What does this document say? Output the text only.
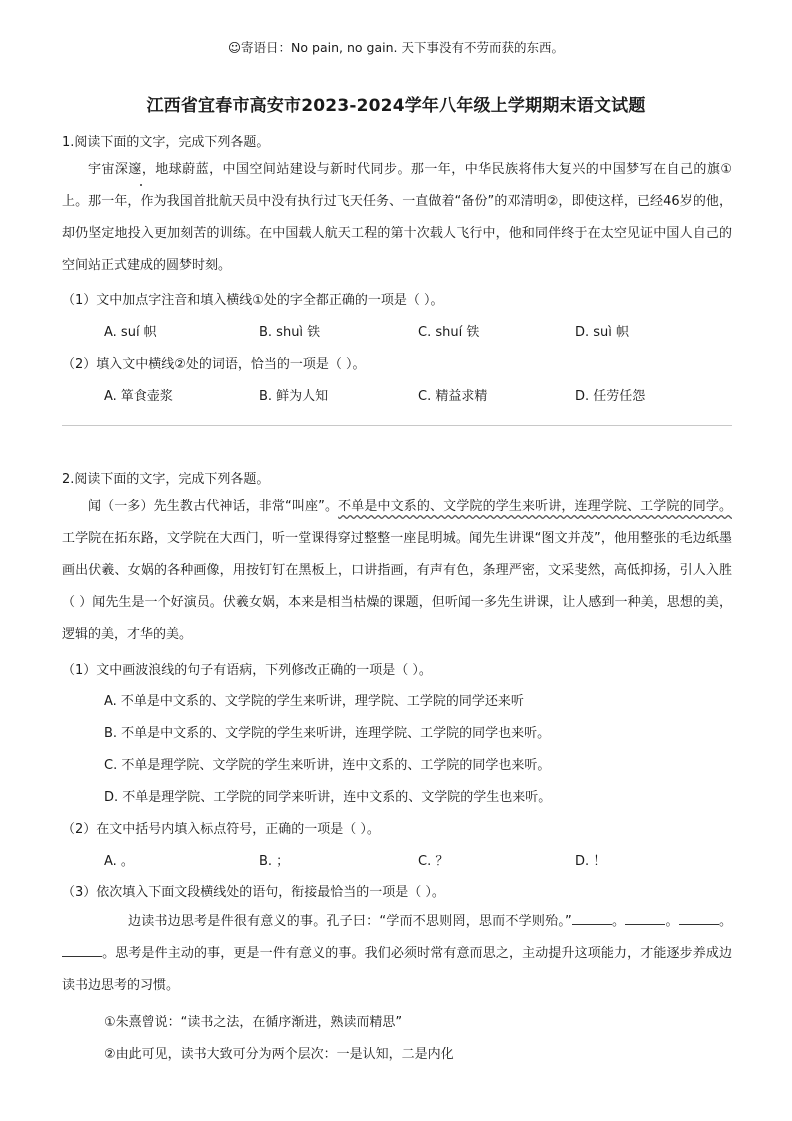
☺寄语日：No pain, no gain. 天下事没有不劳而获的东西。
江西省宜春市高安市2023-2024学年八年级上学期期末语文试题
1.阅读下面的文字，完成下列各题。
宇宙深邃，地球蔚蓝，中国空间站建设与新时代同步。那一年，中华民族将伟大复兴的中国梦写在自己的旗①上。那一年，作为我国首批航天员中没有执行过飞天任务、一直做着“备份”的邓清明②，即使这样，已经46岁的他，却仍坚定地投入更加刻苦的训练。在中国载人航天工程的第十次载人飞行中，他和同伴终于在太空见证中国人自己的空间站正式建成的圆梦时刻。
（1）文中加点字注音和填入横线①处的字全都正确的一项是（ ）。
A. suí 帜	B. shuì 铁	C. shuí 铁	D. suì 帜
（2）填入文中横线②处的词语，恰当的一项是（ ）。
A. 箪食壶浆	B. 鲜为人知	C. 精益求精	D. 任劳任怨
2.阅读下面的文字，完成下列各题。
闻（一多）先生教古代神话，非常“叫座”。不单是中文系的、文学院的学生来听讲，连理学院、工学院的同学。工学院在拓东路，文学院在大西门，听一堂课得穿过整整一座昆明城。闻先生讲课“图文并茂”，他用整张的毛边纸墨画出伏羲、女娲的各种画像，用按钉钉在黑板上，口讲指画，有声有色，条理严密，文采斐然，高低抑扬，引人入胜（ ）闻先生是一个好演员。伏羲女娲，本来是相当枯燥的课题，但听闻一多先生讲课，让人感到一种美，思想的美，逻辑的美，才华的美。
（1）文中画波浪线的句子有语病，下列修改正确的一项是（ ）。
A. 不单是中文系的、文学院的学生来听讲，理学院、工学院的同学还来听
B. 不单是中文系的、文学院的学生来听讲，连理学院、工学院的同学也来听。
C. 不单是理学院、文学院的学生来听讲，连中文系的、工学院的同学也来听。
D. 不单是理学院、工学院的同学来听讲，连中文系的、文学院的学生也来听。
（2）在文中括号内填入标点符号，正确的一项是（ ）。
A. 。	B. ；	C. ？	D. ！
（3）依次填入下面文段横线处的语句，衔接最恰当的一项是（ ）。
边读书边思考是件很有意义的事。孔子曰：“学而不思则罔，思而不学则殆。”	。	。	。。思考是件主动的事，更是一件有意义的事。我们必须时常有意而思之，主动提升这项能力，才能逐步养成边读书边思考的习惯。
①朱熹曾说：“读书之法，在循序渐进，熟读而精思”
②由此可见，读书大致可分为两个层次：一是认知，二是内化
